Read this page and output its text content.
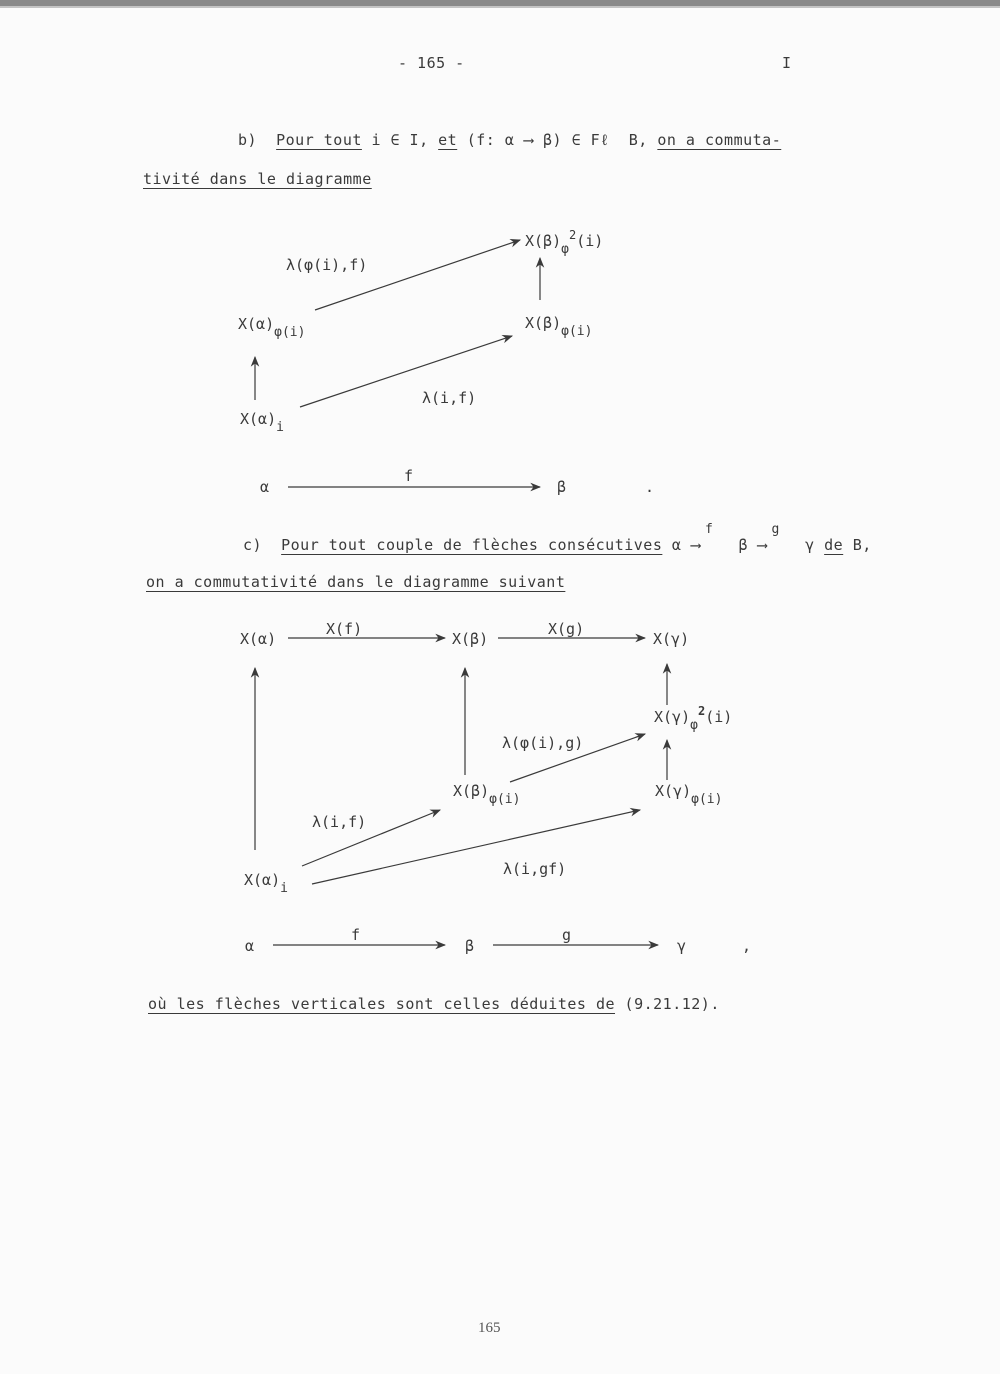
- 165 -	I
b) Pour tout i ∈ I, et (f: α ⟶ β) ∈ Fℓ B, on a commuta-
tivité dans le diagramme
$X(\beta)_\varphi^2(i)$
λ(φ(i),f)
$X(\alpha)_{\varphi(i)}$
$X(\beta)_{\varphi(i)}$
λ(i,f)
$X(\alpha)_i$
α
f
β	.
c) Pour tout couple de flèches consécutives α
f
⟶	β
g
⟶	γ de B,
on a commutativité dans le diagramme suivant
X(α)
X(f)
X(β)
X(g)
X(γ)
$X(\gamma)_\varphi^2(i)$
λ(φ(i),g)
$X(\beta)_{\varphi(i)}$	$X(\gamma)_{\varphi(i)}$
λ(i,f)
λ(i,gf)
$X(\alpha)_i$
α
f
β
g
γ	,
où les flèches verticales sont celles déduites de (9.21.12).
165
